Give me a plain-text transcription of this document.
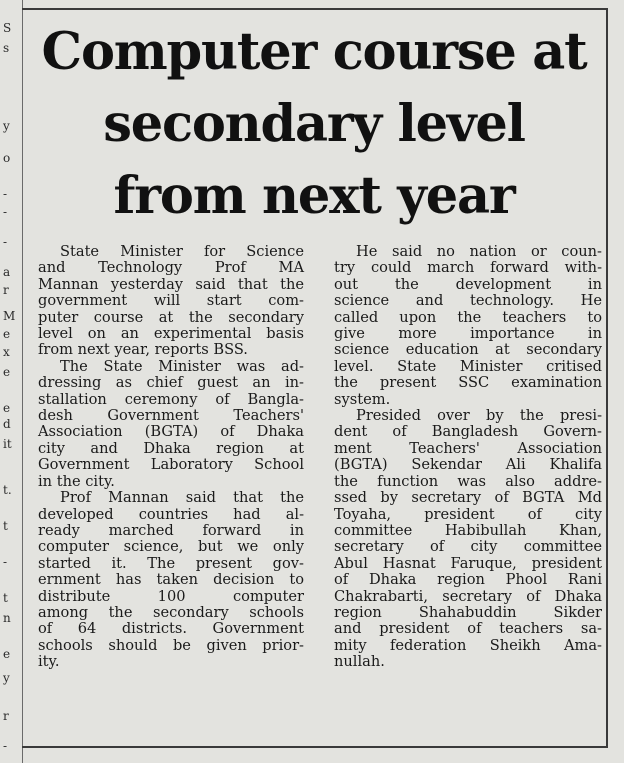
S
s
y
o
-
-
-
a
r
M
e
x
e
e
d
it
t.
t
-
t
n
e
y
r
-
Computer course at
secondary level
from next year

State Minister for Science
and Technology Prof MA
Mannan yesterday said that the
government will start com-
puter course at the secondary
level on an experimental basis
from next year, reports BSS.

The State Minister was ad-
dressing as chief guest an in-
stallation ceremony of Bangla-
desh Government Teachers'
Association (BGTA) of Dhaka
city and Dhaka region at
Government Laboratory School
in the city.

Prof Mannan said that the
developed countries had al-
ready marched forward in
computer science, but we only
started it. The present gov-
ernment has taken decision to
distribute 100 computer
among the secondary schools
of 64 districts. Government
schools should be given prior-
ity.

He said no nation or coun-
try could march forward with-
out the development in
science and technology. He
called upon the teachers to
give more importance in
science education at secondary
level. State Minister critised
the present SSC examination
system.

Presided over by the presi-
dent of Bangladesh Govern-
ment Teachers' Association
(BGTA) Sekendar Ali Khalifa
the function was also addre-
ssed by secretary of BGTA Md
Toyaha, president of city
committee Habibullah Khan,
secretary of city committee
Abul Hasnat Faruque, president
of Dhaka region Phool Rani
Chakrabarti, secretary of Dhaka
region Shahabuddin Sikder
and president of teachers sa-
mity federation Sheikh Ama-
nullah.
